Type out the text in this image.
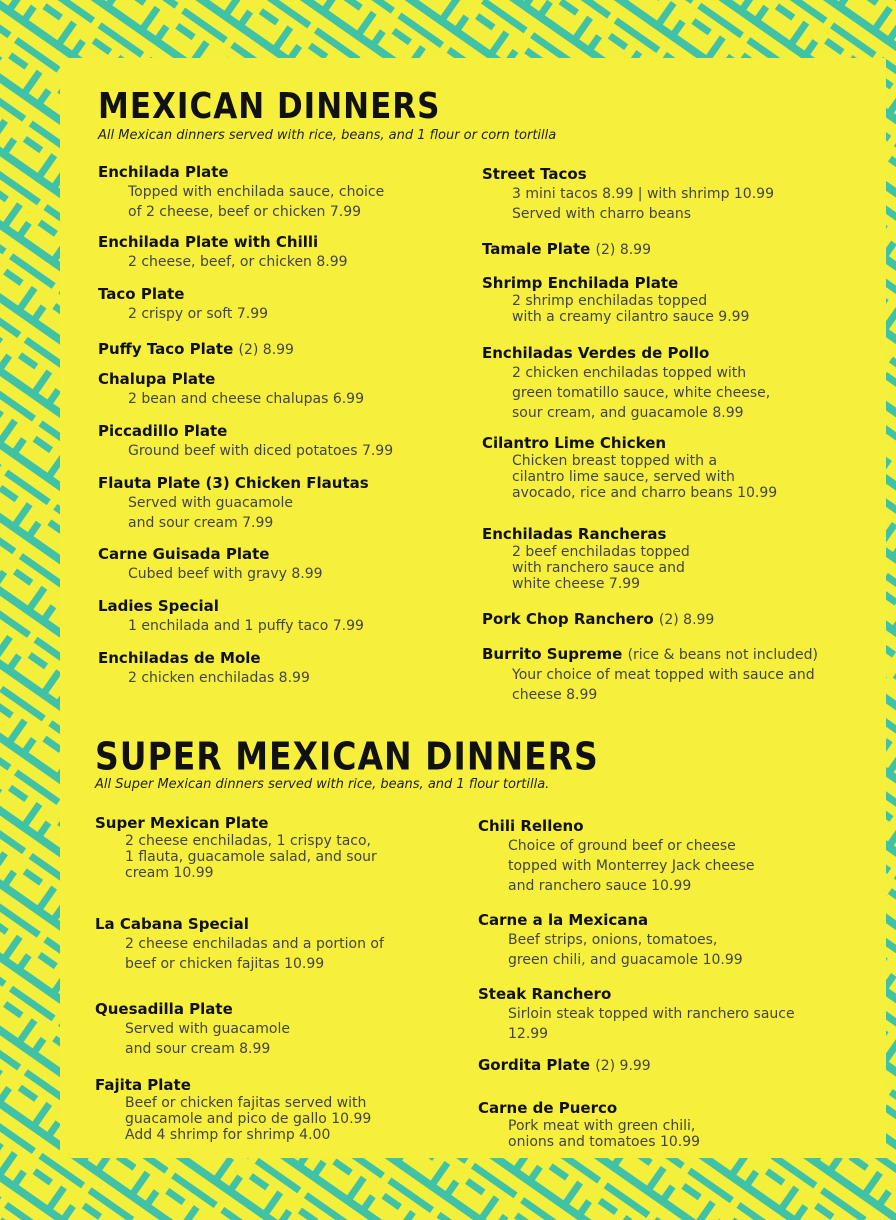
MEXICAN DINNERS

All Mexican dinners served with rice, beans, and 1 flour or corn tortilla

SUPER MEXICAN DINNERS

All Super Mexican dinners served with rice, beans, and 1 flour tortilla.

Enchilada Plate
Topped with enchilada sauce, choice
of 2 cheese, beef or chicken 7.99
Enchilada Plate with Chilli
2 cheese, beef, or chicken 8.99
Taco Plate
2 crispy or soft 7.99
Puffy Taco Plate (2) 8.99
Chalupa Plate
2 bean and cheese chalupas 6.99
Piccadillo Plate
Ground beef with diced potatoes 7.99
Flauta Plate (3) Chicken Flautas
Served with guacamole
and sour cream 7.99
Carne Guisada Plate
Cubed beef with gravy 8.99
Ladies Special
1 enchilada and 1 puffy taco 7.99
Enchiladas de Mole
2 chicken enchiladas 8.99
Street Tacos
3 mini tacos 8.99 | with shrimp 10.99
Served with charro beans
Tamale Plate (2) 8.99
Shrimp Enchilada Plate
2 shrimp enchiladas topped
with a creamy cilantro sauce 9.99
Enchiladas Verdes de Pollo
2 chicken enchiladas topped with
green tomatillo sauce, white cheese,
sour cream, and guacamole 8.99
Cilantro Lime Chicken
Chicken breast topped with a
cilantro lime sauce, served with
avocado, rice and charro beans 10.99
Enchiladas Rancheras
2 beef enchiladas topped
with ranchero sauce and
white cheese 7.99
Pork Chop Ranchero (2) 8.99
Burrito Supreme (rice & beans not included)
Your choice of meat topped with sauce and
cheese 8.99
Super Mexican Plate
2 cheese enchiladas, 1 crispy taco,
1 flauta, guacamole salad, and sour
cream 10.99
La Cabana Special
2 cheese enchiladas and a portion of
beef or chicken fajitas 10.99
Quesadilla Plate
Served with guacamole
and sour cream 8.99
Fajita Plate
Beef or chicken fajitas served with
guacamole and pico de gallo 10.99
Add 4 shrimp for shrimp 4.00
Chili Relleno
Choice of ground beef or cheese
topped with Monterrey Jack cheese
and ranchero sauce 10.99
Carne a la Mexicana
Beef strips, onions, tomatoes,
green chili, and guacamole 10.99
Steak Ranchero
Sirloin steak topped with ranchero sauce
12.99
Gordita Plate (2) 9.99
Carne de Puerco
Pork meat with green chili,
onions and tomatoes 10.99
